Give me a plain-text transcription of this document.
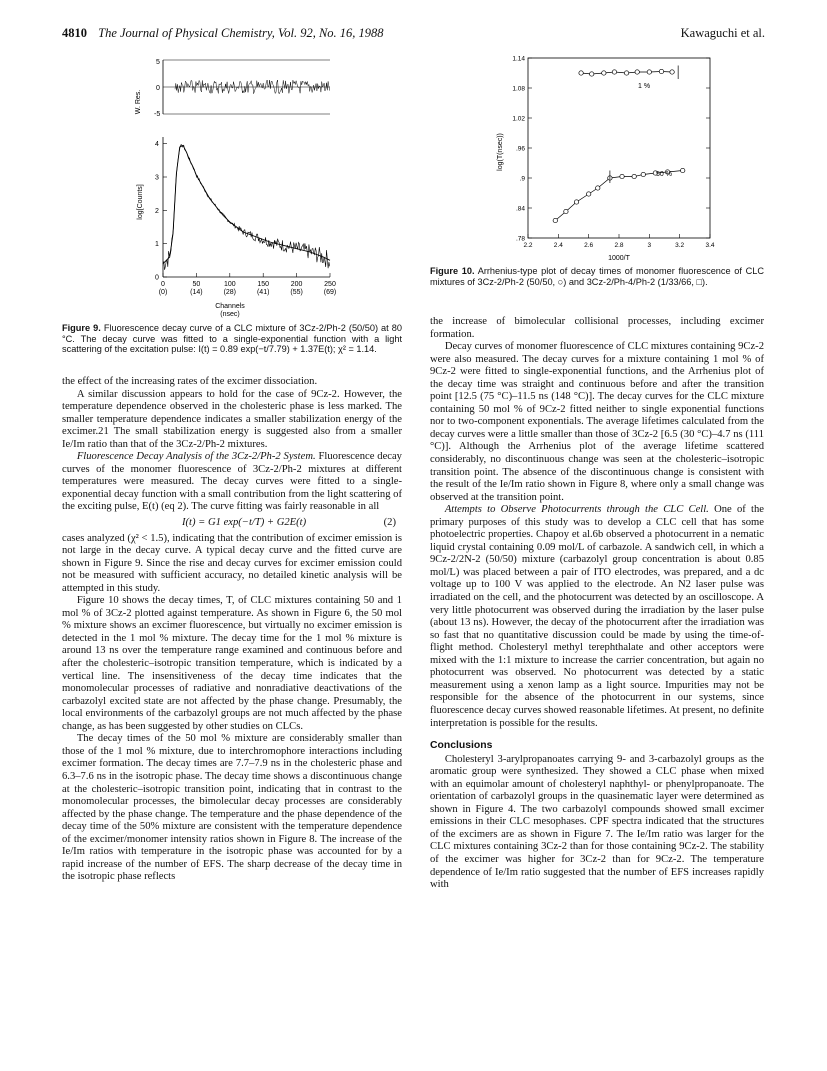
4810 The Journal of Physical Chemistry, Vol. 92, No. 16, 1988	Kawaguchi et al.
W. Res.
5
0
-5
log[Counts]
4
3
2
1
0
0
(0)
50
(14)
100
(28)
150
(41)
200
(55)
250
(69)
Channels
(nsec)
Figure 9. Fluorescence decay curve of a CLC mixture of 3Cz-2/Ph-2 (50/50) at 80 °C. The decay curve was fitted to a single-exponential function with a light scattering of the excitation pulse: I(t) = 0.89 exp(−t/7.79) + 1.37E(t); χ² = 1.14.
log(T(nsec))
.78
.84
.9
.96
1.02
1.08
1.14
2.2	2.4	2.6	2.8	3	3.2	3.4
1 %
50 %
1000/T
Figure 10. Arrhenius-type plot of decay times of monomer fluorescence of CLC mixtures of 3Cz-2/Ph-2 (50/50, ○) and 3Cz-2/Ph-4/Ph-2 (1/33/66, □).

the effect of the increasing rates of the excimer dissociation.

A similar discussion appears to hold for the case of 9Cz-2. However, the temperature dependence observed in the cholesteric phase is less marked. The smaller temperature dependence indicates a smaller stabilization energy of the excimer.21 The small stabilization energy is suggested also from a smaller Ie/Im ratio than that of the 3Cz-2/Ph-2 mixtures.

Fluorescence Decay Analysis of the 3Cz-2/Ph-2 System. Fluorescence decay curves of the monomer fluorescence of 3Cz-2/Ph-2 mixtures at different temperatures were measured. The decay curves were fitted to a single-exponential decay function with a small contribution from the light scattering of the exciting pulse, E(t) (eq 2). The curve fitting was fairly reasonable in all

I(t) = G1 exp(−t/T) + G2E(t)	(2)

cases analyzed (χ² < 1.5), indicating that the contribution of excimer emission is not large in the decay curve. A typical decay curve and the fitted curve are shown in Figure 9. Since the rise and decay curves for excimer emission could not be measured with sufficient accuracy, no detailed kinetic analysis will be attempted in this study.

Figure 10 shows the decay times, T, of CLC mixtures containing 50 and 1 mol % of 3Cz-2 plotted against temperature. As shown in Figure 6, the 50 mol % mixture shows an excimer fluorescence, but virtually no excimer emission is detected in the 1 mol % mixture. The decay time for the 1 mol % mixture is around 13 ns over the temperature range examined and continuous before and after the cholesteric–isotropic transition temperature, which is indicated by a vertical line. The insensitiveness of the decay time indicates that the monomolecular processes of radiative and nonradiative deactivations of the carbazolyl excited state are not affected by the phase change. Presumably, the local environments of the carbazolyl groups are not much affected by the phase change, as has been suggested by other studies on CLCs.

The decay times of the 50 mol % mixture are considerably smaller than those of the 1 mol % mixture, due to interchromophore interactions including excimer formation. The decay times are 7.7–7.9 ns in the cholesteric phase and 6.3–7.6 ns in the isotropic phase. The decay time shows a discontinuous change at the cholesteric–isotropic transition point, indicating that in contrast to the monomolecular processes, the bimolecular decay processes are considerably affected by the phase change. The temperature and the phase dependence of the decay time of the 50% mixture are consistent with the temperature dependence of the excimer/monomer intensity ratios shown in Figure 8. The increase of the Ie/Im ratios with temperature in the isotropic phase was accounted for by a rapid increase of the number of EFS. The sharp decrease of the decay time in the isotropic phase reflects

the increase of bimolecular collisional processes, including excimer formation.

Decay curves of monomer fluorescence of CLC mixtures containing 9Cz-2 were also measured. The decay curves for a mixture containing 1 mol % of 9Cz-2 were fitted to single-exponential functions, and the Arrhenius plot of the decay time was straight and continuous before and after the transition point [12.5 (75 °C)–11.5 ns (148 °C)]. The decay curves for the CLC mixture containing 50 mol % of 9Cz-2 fitted neither to single exponential functions nor to two-component exponentials. The average lifetimes calculated from the decay curves were a little smaller than those of 3Cz-2 [6.5 (30 °C)–4.7 ns (111 °C)]. Although the Arrhenius plot of the average lifetime scattered considerably, no discontinuous change was seen at the cholesteric–isotropic transition point. The absence of the discontinuous change is consistent with the result of the Ie/Im ratio shown in Figure 8, where only a small change was observed at the transition point.

Attempts to Observe Photocurrents through the CLC Cell. One of the primary purposes of this study was to develop a CLC cell that has some photoelectric properties. Chapoy et al.6b observed a photocurrent in a nematic liquid crystal containing 0.09 mol/L of carbazole. A sandwich cell, in which a 9Cz-2/2N-2 (50/50) mixture (carbazolyl group concentration is about 0.85 mol/L) was placed between a pair of ITO electrodes, was prepared, and a dc voltage up to 100 V was applied to the electrode. An N2 laser pulse was irradiated on the cell, and the photocurrent was detected by an oscilloscope. A very little photocurrent was observed during the irradiation by the laser pulse (about 13 ns). However, the decay of the photocurrent after the irradiation was so fast that no quantitative discussion could be made by using the time-of-flight method. Cholesteryl methyl terephthalate and other acceptors were mixed with the 1:1 mixture to increase the carrier concentration, but again no photocurrent was observed. No photocurrent was detected by a static measurement using a xenon lamp as a light source. Impurities may not be responsible for the absence of the photocurrent in our systems, since fluorescence decay curves showed reasonable lifetimes. At present, no definite interpretation is possible for the results.

Conclusions

Cholesteryl 3-arylpropanoates carrying 9- and 3-carbazolyl groups as the aromatic group were synthesized. They showed a CLC phase when mixed with an equimolar amount of cholesteryl naphthyl- or phenylpropanoate. The orientation of carbazolyl groups in the quasinematic layer were determined as shown in Figure 4. The two carbazolyl compounds showed small excimer emissions in their CLC mesophases. CPF spectra indicated that the structures of the excimers are as shown in Figure 7. The Ie/Im ratio was larger for the CLC mixtures containing 3Cz-2 than for those containing 9Cz-2. The stability of the excimer was higher for 3Cz-2 than for 9Cz-2. The temperature dependence of Ie/Im ratio suggested that the number of EFS increases rapidly with
